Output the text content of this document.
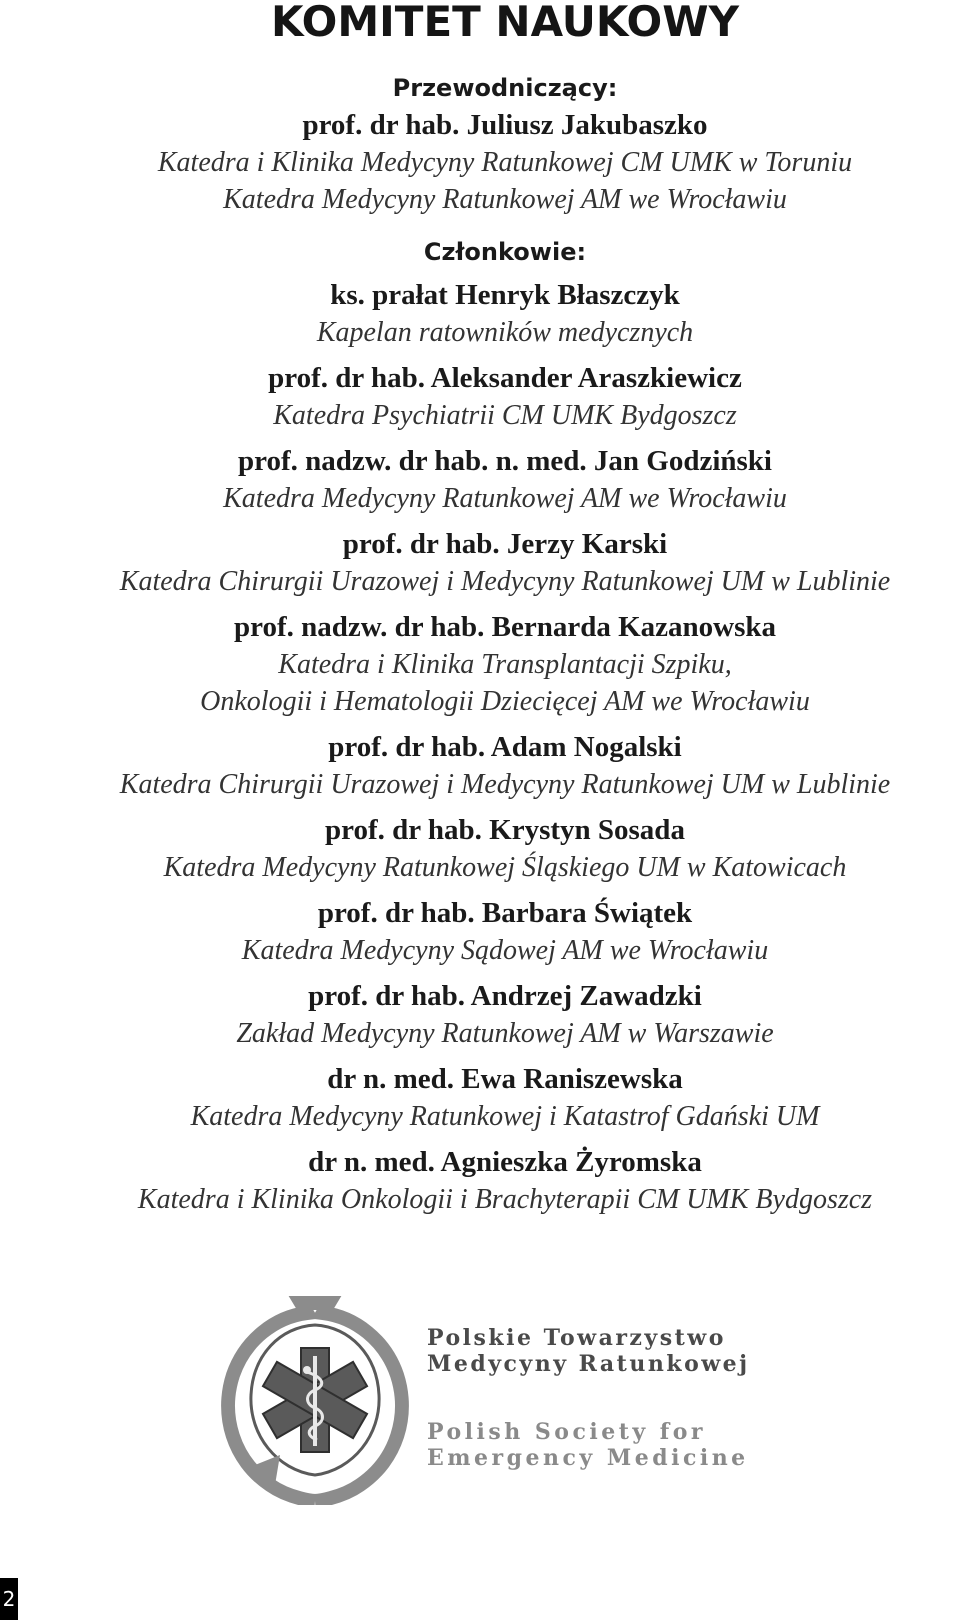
KOMITET NAUKOWY
Przewodniczący:
prof. dr hab. Juliusz Jakubaszko
Katedra i Klinika Medycyny Ratunkowej CM UMK w Toruniu
Katedra Medycyny Ratunkowej AM we Wrocławiu
Członkowie:
ks. prałat Henryk Błaszczyk
Kapelan ratowników medycznych
prof. dr hab. Aleksander Araszkiewicz
Katedra Psychiatrii CM UMK Bydgoszcz
prof. nadzw. dr hab. n. med. Jan Godziński
Katedra Medycyny Ratunkowej AM we Wrocławiu
prof. dr hab. Jerzy Karski
Katedra Chirurgii Urazowej i Medycyny Ratunkowej UM w Lublinie
prof. nadzw. dr hab. Bernarda Kazanowska
Katedra i Klinika Transplantacji Szpiku,
Onkologii i Hematologii Dziecięcej AM we Wrocławiu
prof. dr hab. Adam Nogalski
Katedra Chirurgii Urazowej i Medycyny Ratunkowej UM w Lublinie
prof. dr hab. Krystyn Sosada
Katedra Medycyny Ratunkowej Śląskiego UM w Katowicach
prof. dr hab. Barbara Świątek
Katedra Medycyny Sądowej AM we Wrocławiu
prof. dr hab. Andrzej Zawadzki
Zakład Medycyny Ratunkowej AM w Warszawie
dr n. med. Ewa Raniszewska
Katedra Medycyny Ratunkowej i Katastrof Gdański UM
dr n. med. Agnieszka Żyromska
Katedra i Klinika Onkologii i Brachyterapii CM UMK Bydgoszcz
Polskie Towarzystwo
Medycyny Ratunkowej
Polish Society for
Emergency Medicine
2
